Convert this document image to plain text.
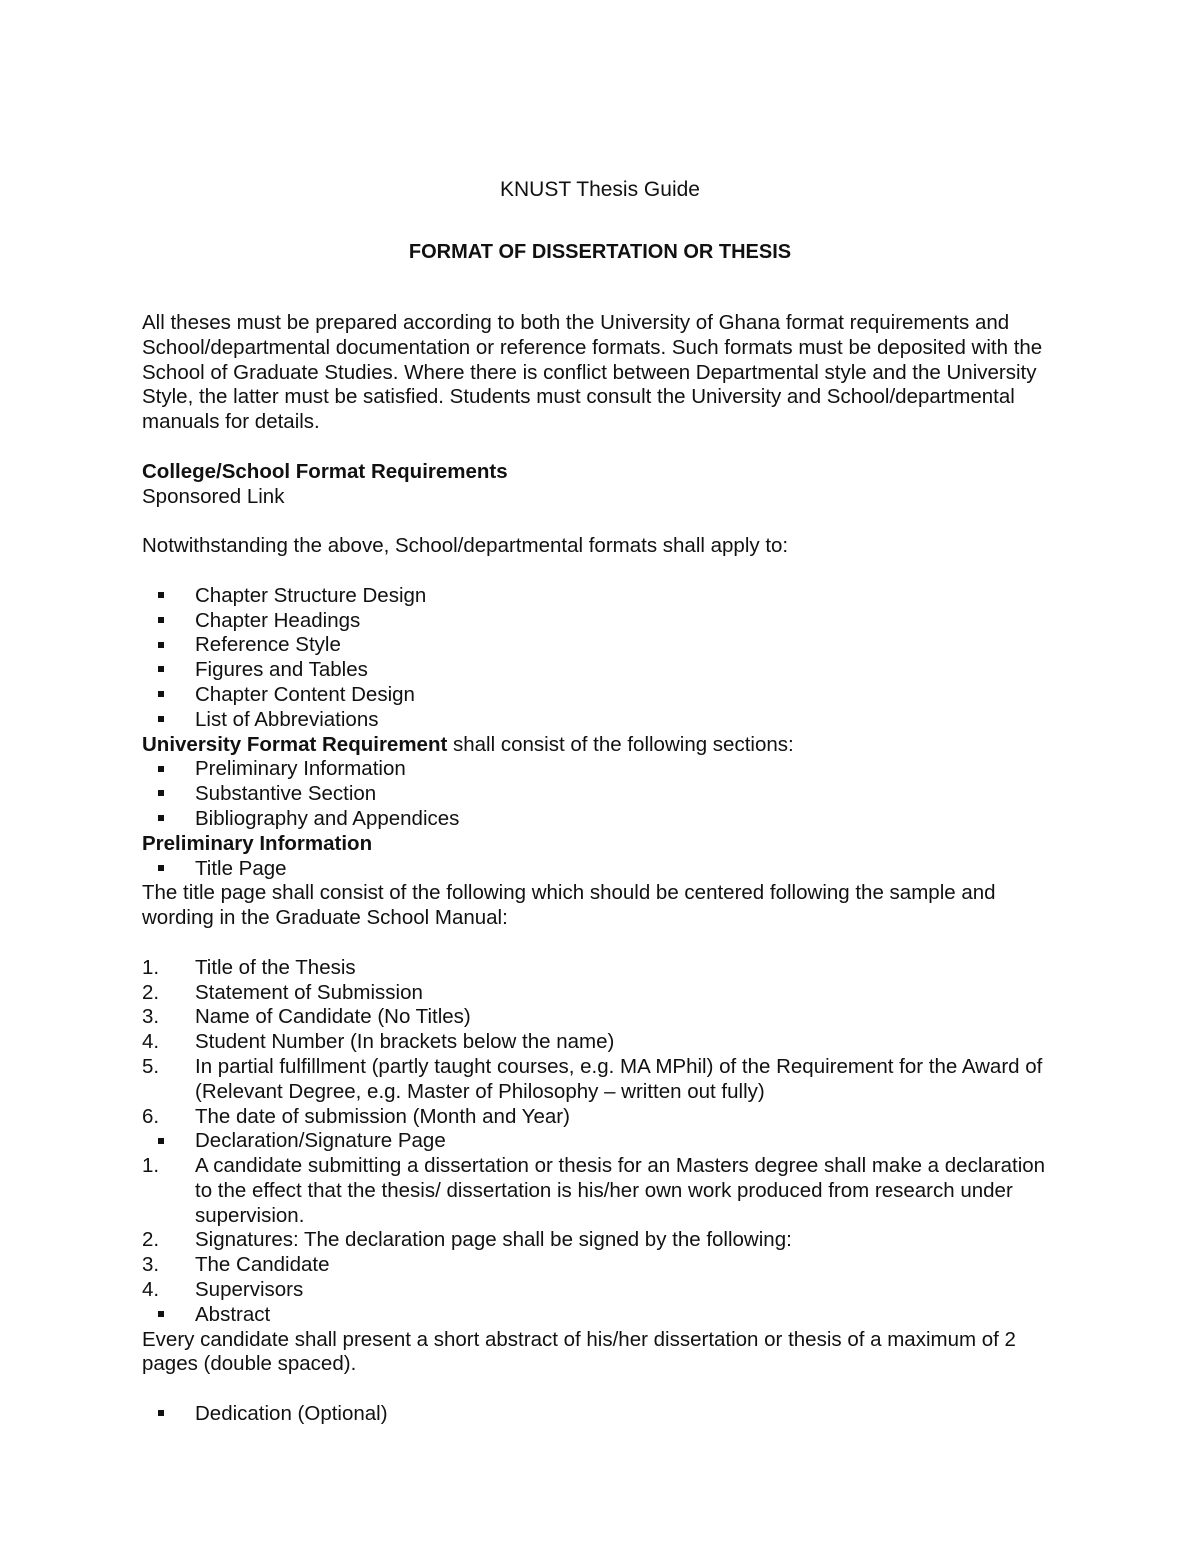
KNUST Thesis Guide
FORMAT OF DISSERTATION OR THESIS

All theses must be prepared according to both the University of Ghana format requirements and School/departmental documentation or reference formats. Such formats must be deposited with the School of Graduate Studies. Where there is conflict between Departmental style and the University Style, the latter must be satisfied. Students must consult the University and School/departmental manuals for details.

College/School Format Requirements

Sponsored Link

Notwithstanding the above, School/departmental formats shall apply to:

Chapter Structure Design
Chapter Headings
Reference Style
Figures and Tables
Chapter Content Design
List of Abbreviations

University Format Requirement shall consist of the following sections:

Preliminary Information
Substantive Section
Bibliography and Appendices

Preliminary Information

Title Page

The title page shall consist of the following which should be centered following the sample and wording in the Graduate School Manual:

1.	Title of the Thesis
2.	Statement of Submission
3.	Name of Candidate (No Titles)
4.	Student Number (In brackets below the name)
5.	In partial fulfillment (partly taught courses, e.g. MA MPhil) of the Requirement for the Award of (Relevant Degree, e.g. Master of Philosophy – written out fully)
6.	The date of submission (Month and Year)
Declaration/Signature Page
1.	A candidate submitting a dissertation or thesis for an Masters degree shall make a declaration to the effect that the thesis/ dissertation is his/her own work produced from research under      supervision.
2.	Signatures: The declaration page shall be signed by the following:
3.	The Candidate
4.	Supervisors
Abstract

Every candidate shall present a short abstract of his/her dissertation or thesis of a maximum of 2 pages (double spaced).

Dedication (Optional)
